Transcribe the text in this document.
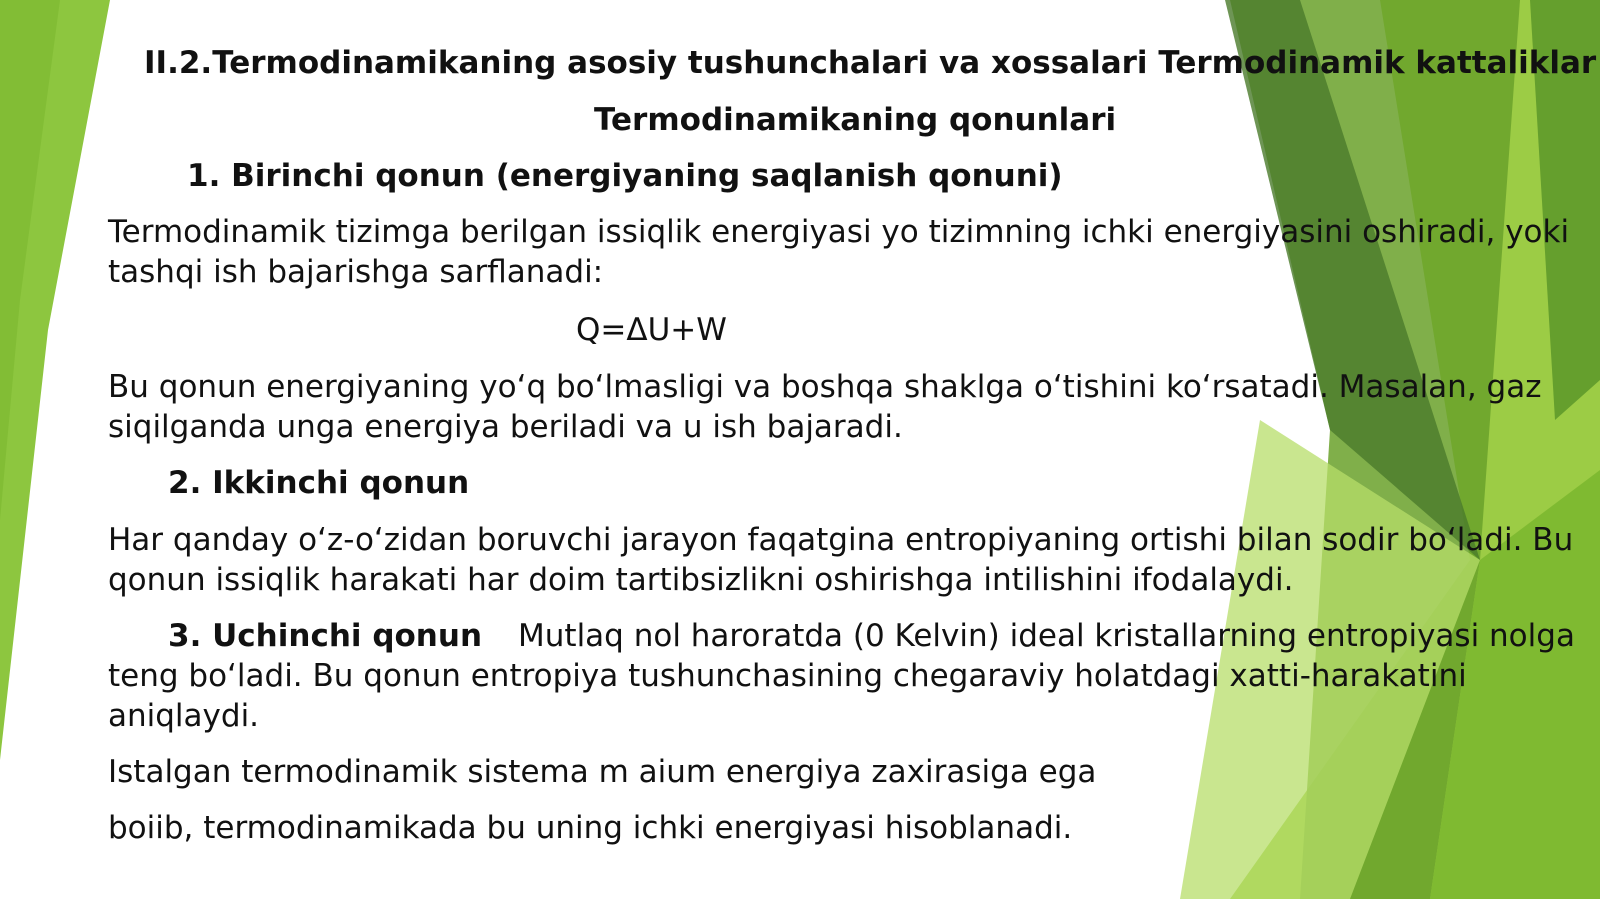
II.2.Termodinamikaning asosiy tushunchalari va xossalari Termodinamik kattaliklar
Termodinamikaning qonunlari
1. Birinchi qonun (energiyaning saqlanish qonuni)
Termodinamik tizimga berilgan issiqlik energiyasi yo tizimning ichki energiyasini oshiradi, yoki tashqi ish bajarishga sarflanadi:
Q=ΔU+W
Bu qonun energiyaning yo‘q bo‘lmasligi va boshqa shaklga o‘tishini ko‘rsatadi. Masalan, gaz siqilganda unga energiya beriladi va u ish bajaradi.
2. Ikkinchi qonun
Har qanday o‘z-o‘zidan boruvchi jarayon faqatgina entropiyaning ortishi bilan sodir bo‘ladi. Bu qonun issiqlik harakati har doim tartibsizlikni oshirishga intilishini ifodalaydi.
3. Uchinchi qonun Mutlaq nol haroratda (0 Kelvin) ideal kristallarning entropiyasi nolga teng bo‘ladi. Bu qonun entropiya tushunchasining chegaraviy holatdagi xatti-harakatini aniqlaydi.
Istalgan termodinamik sistema m aium energiya zaxirasiga ega
boiib, termodinamikada bu uning ichki energiyasi hisoblanadi.
